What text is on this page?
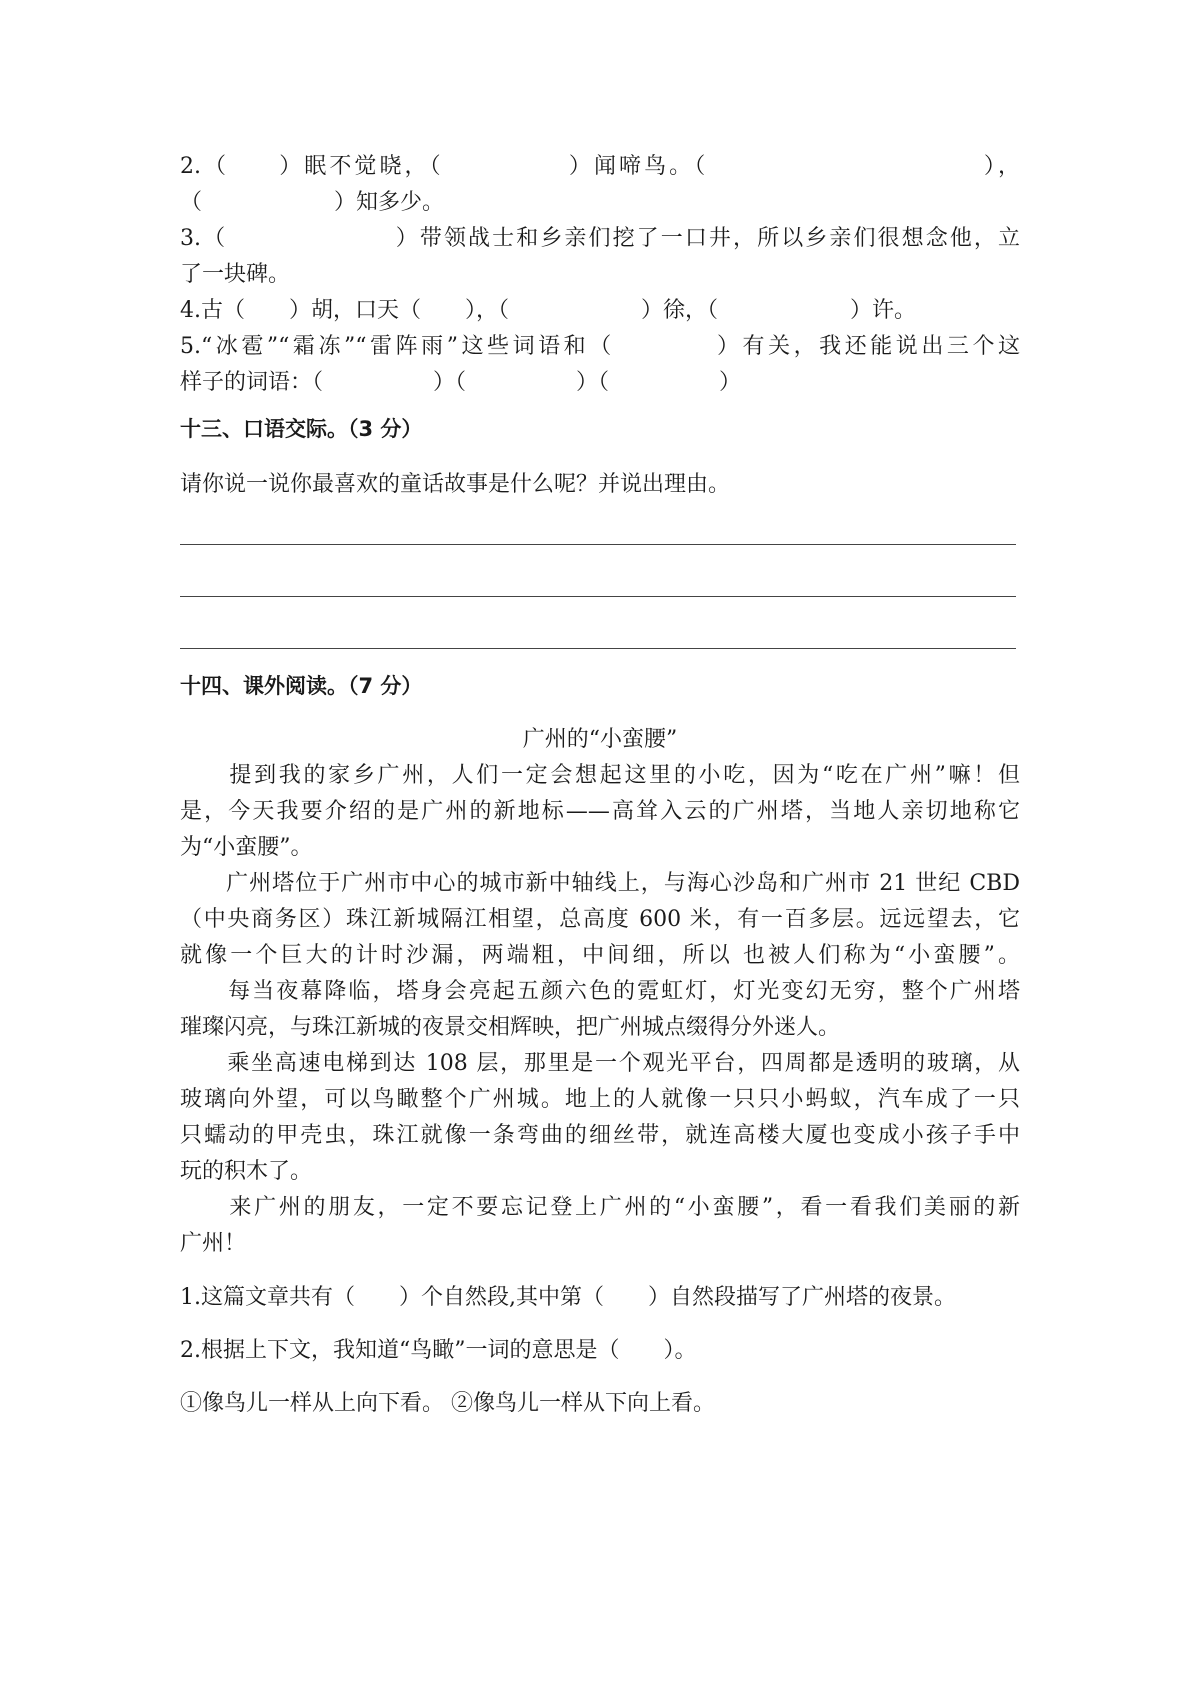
2.（　　）眠不觉晓，（　　　　　）闻啼鸟。（　　　　　　　　　　　），
（　　　　　　）知多少。
3.（　　　　　　　）带领战士和乡亲们挖了一口井，所以乡亲们很想念他，立
了一块碑。
4.古（　　）胡，口天（　　），（　　　　　　）徐，（　　　　　　）许。
5.“冰雹”“霜冻”“雷阵雨”这些词语和（　　　　）有关，我还能说出三个这
样子的词语：（　　　　　）（　　　　　）（　　　　　）
十三、口语交际。（3 分）
请你说一说你最喜欢的童话故事是什么呢？并说出理由。
十四、课外阅读。（7 分）
广州的“小蛮腰”
　　提到我的家乡广州，人们一定会想起这里的小吃，因为“吃在广州”嘛！但
是，今天我要介绍的是广州的新地标——高耸入云的广州塔，当地人亲切地称它
为“小蛮腰”。
　　广州塔位于广州市中心的城市新中轴线上，与海心沙岛和广州市 21 世纪 CBD
（中央商务区）珠江新城隔江相望，总高度 600 米，有一百多层。远远望去，它
就像一个巨大的计时沙漏，两端粗，中间细，所以 也被人们称为“小蛮腰”。
　　每当夜幕降临，塔身会亮起五颜六色的霓虹灯，灯光变幻无穷，整个广州塔
璀璨闪亮，与珠江新城的夜景交相辉映，把广州城点缀得分外迷人。
　　乘坐高速电梯到达 108 层，那里是一个观光平台，四周都是透明的玻璃，从
玻璃向外望，可以鸟瞰整个广州城。地上的人就像一只只小蚂蚁，汽车成了一只
只蠕动的甲壳虫，珠江就像一条弯曲的细丝带，就连高楼大厦也变成小孩子手中
玩的积木了。
　　来广州的朋友，一定不要忘记登上广州的“小蛮腰”，看一看我们美丽的新
广州！
1.这篇文章共有（　　）个自然段,其中第（　　）自然段描写了广州塔的夜景。
2.根据上下文，我知道“鸟瞰”一词的意思是（　　）。
①像鸟儿一样从上向下看。 ②像鸟儿一样从下向上看。
